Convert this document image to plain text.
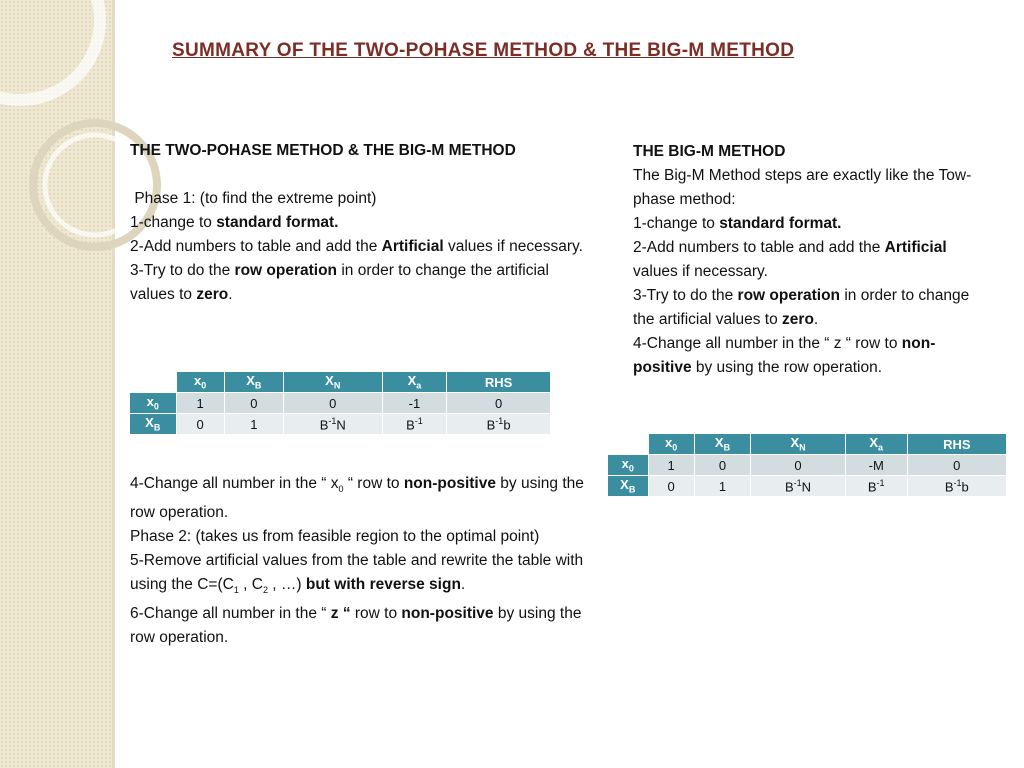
SUMMARY OF THE TWO-POHASE METHOD & THE BIG-M METHOD

THE TWO-POHASE METHOD & THE BIG-M METHOD

Phase 1: (to find the extreme point)

1-change to standard format.

2-Add numbers to table and add the Artificial values if necessary.

3-Try to do the row operation in order to change the artificial values to zero.

	$x_0$	$X_B$	$X_N$	$X_a$	RHS
$x_0$	1	0	0	-1	0
$X_B$	0	1	$B^{-1}N$	$B^{-1}$	$B^{-1}b$

4-Change all number in the “ $x_0$ “ row to non-positive by using the row operation.

Phase 2: (takes us from feasible region to the optimal point)

5-Remove artificial values from the table and rewrite the table with using the $C=(C_1$ , $C_2$ , …) but with reverse sign.

6-Change all number in the “ z “ row to non-positive by using the row operation.

THE BIG-M METHOD

The Big-M Method steps are exactly like the Tow-phase method:

1-change to standard format.

2-Add numbers to table and add the Artificial values if necessary.

3-Try to do the row operation in order to change the artificial values to zero.

4-Change all number in the “ z “ row to non-positive by using the row operation.

	$x_0$	$X_B$	$X_N$	$X_a$	RHS
$x_0$	1	0	0	-M	0
$X_B$	0	1	$B^{-1}N$	$B^{-1}$	$B^{-1}b$
